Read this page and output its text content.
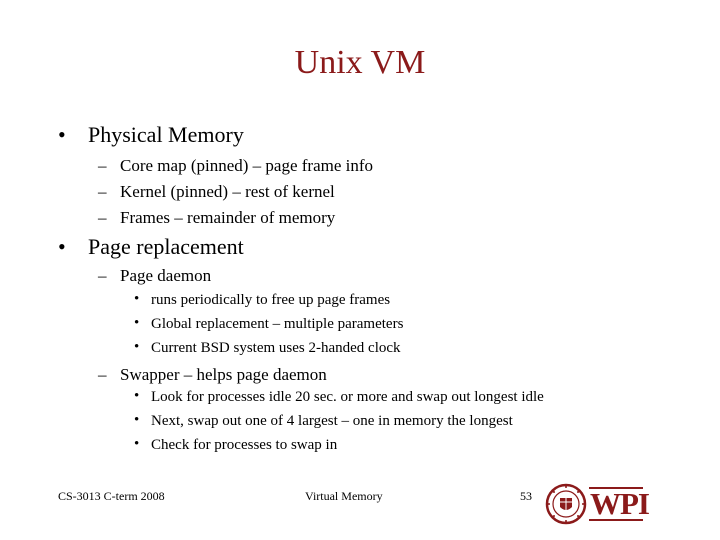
Unix VM
• Physical Memory
– Core map (pinned) – page frame info
– Kernel (pinned) – rest of kernel
– Frames – remainder of memory
• Page replacement
– Page daemon
• runs periodically to free up page frames
• Global replacement – multiple parameters
• Current BSD system uses 2-handed clock
– Swapper – helps page daemon
• Look for processes idle 20 sec. or more and swap out longest idle
• Next, swap out one of 4 largest – one in memory the longest
• Check for processes to swap in
CS-3013 C-term 2008	Virtual Memory	53 WPI
